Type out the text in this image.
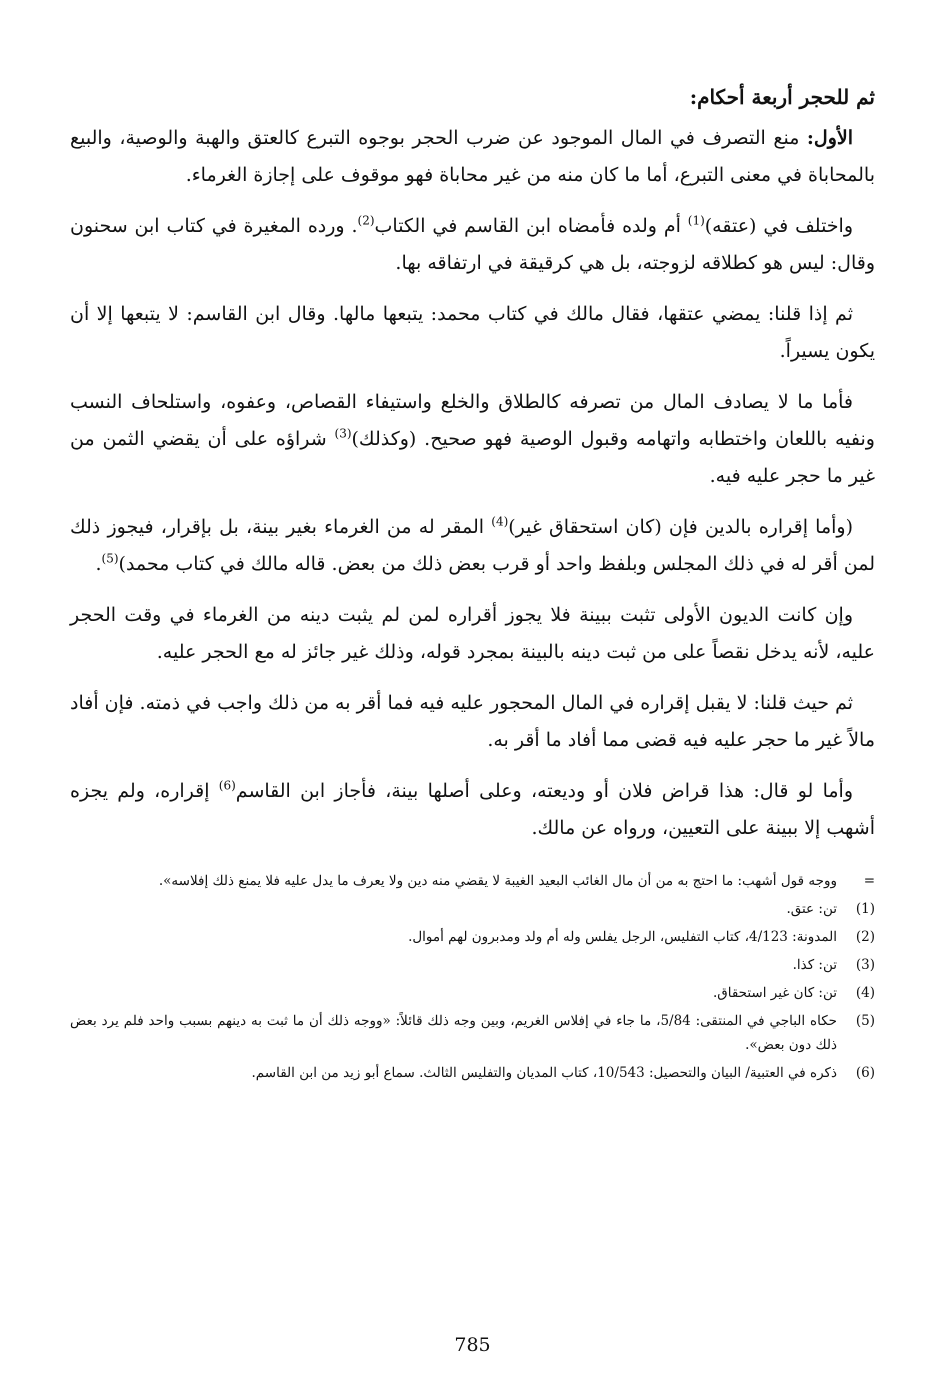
ثم للحجر أربعة أحكام:

الأول: منع التصرف في المال الموجود عن ضرب الحجر بوجوه التبرع كالعتق والهبة والوصية، والبيع بالمحاباة في معنى التبرع، أما ما كان منه من غير محاباة فهو موقوف على إجازة الغرماء.

واختلف في (عتقه)$^{(1)}$ أم ولده فأمضاه ابن القاسم في الكتاب$^{(2)}$. ورده المغيرة في كتاب ابن سحنون وقال: ليس هو كطلاقه لزوجته، بل هي كرقيقة في ارتفاقه بها.

ثم إذا قلنا: يمضي عتقها، فقال مالك في كتاب محمد: يتبعها مالها. وقال ابن القاسم: لا يتبعها إلا أن يكون يسيراً.

فأما ما لا يصادف المال من تصرفه كالطلاق والخلع واستيفاء القصاص، وعفوه، واستلحاف النسب ونفيه باللعان واختطابه واتهامه وقبول الوصية فهو صحيح. (وكذلك)$^{(3)}$ شراؤه على أن يقضي الثمن من غير ما حجر عليه فيه.

(وأما إقراره بالدين فإن (كان استحقاق غير)$^{(4)}$ المقر له من الغرماء بغير بينة، بل بإقرار، فيجوز ذلك لمن أقر له في ذلك المجلس وبلفظ واحد أو قرب بعض ذلك من بعض. قاله مالك في كتاب محمد)$^{(5)}$.

وإن كانت الديون الأولى تثبت ببينة فلا يجوز أقراره لمن لم يثبت دينه من الغرماء في وقت الحجر عليه، لأنه يدخل نقصاً على من ثبت دينه بالبينة بمجرد قوله، وذلك غير جائز له مع الحجر عليه.

ثم حيث قلنا: لا يقبل إقراره في المال المحجور عليه فيه فما أقر به من ذلك واجب في ذمته. فإن أفاد مالاً غير ما حجر عليه فيه قضى مما أفاد ما أقر به.

وأما لو قال: هذا قراض فلان أو وديعته، وعلى أصلها بينة، فأجاز ابن القاسم$^{(6)}$ إقراره، ولم يجزه أشهب إلا ببينة على التعيين، ورواه عن مالك.

=
ووجه قول أشهب: ما احتج به من أن مال الغائب البعيد الغيبة لا يقضي منه دين ولا يعرف ما يدل عليه فلا يمنع ذلك إفلاسه».
(1)
تن: عتق.
(2)
المدونة: 4/123، كتاب التفليس، الرجل يفلس وله أم ولد ومدبرون لهم أموال.
(3)
تن: كذا.
(4)
تن: كان غير استحقاق.
(5)
حكاه الباجي في المنتقى: 5/84، ما جاء في إفلاس الغريم، وبين وجه ذلك قائلاً: «ووجه ذلك أن ما ثبت به دينهم بسبب واحد فلم يرد بعض ذلك دون بعض».
(6)
ذكره في العتبية/ البيان والتحصيل: 10/543، كتاب المديان والتفليس الثالث. سماع أبو زيد من ابن القاسم.
785
